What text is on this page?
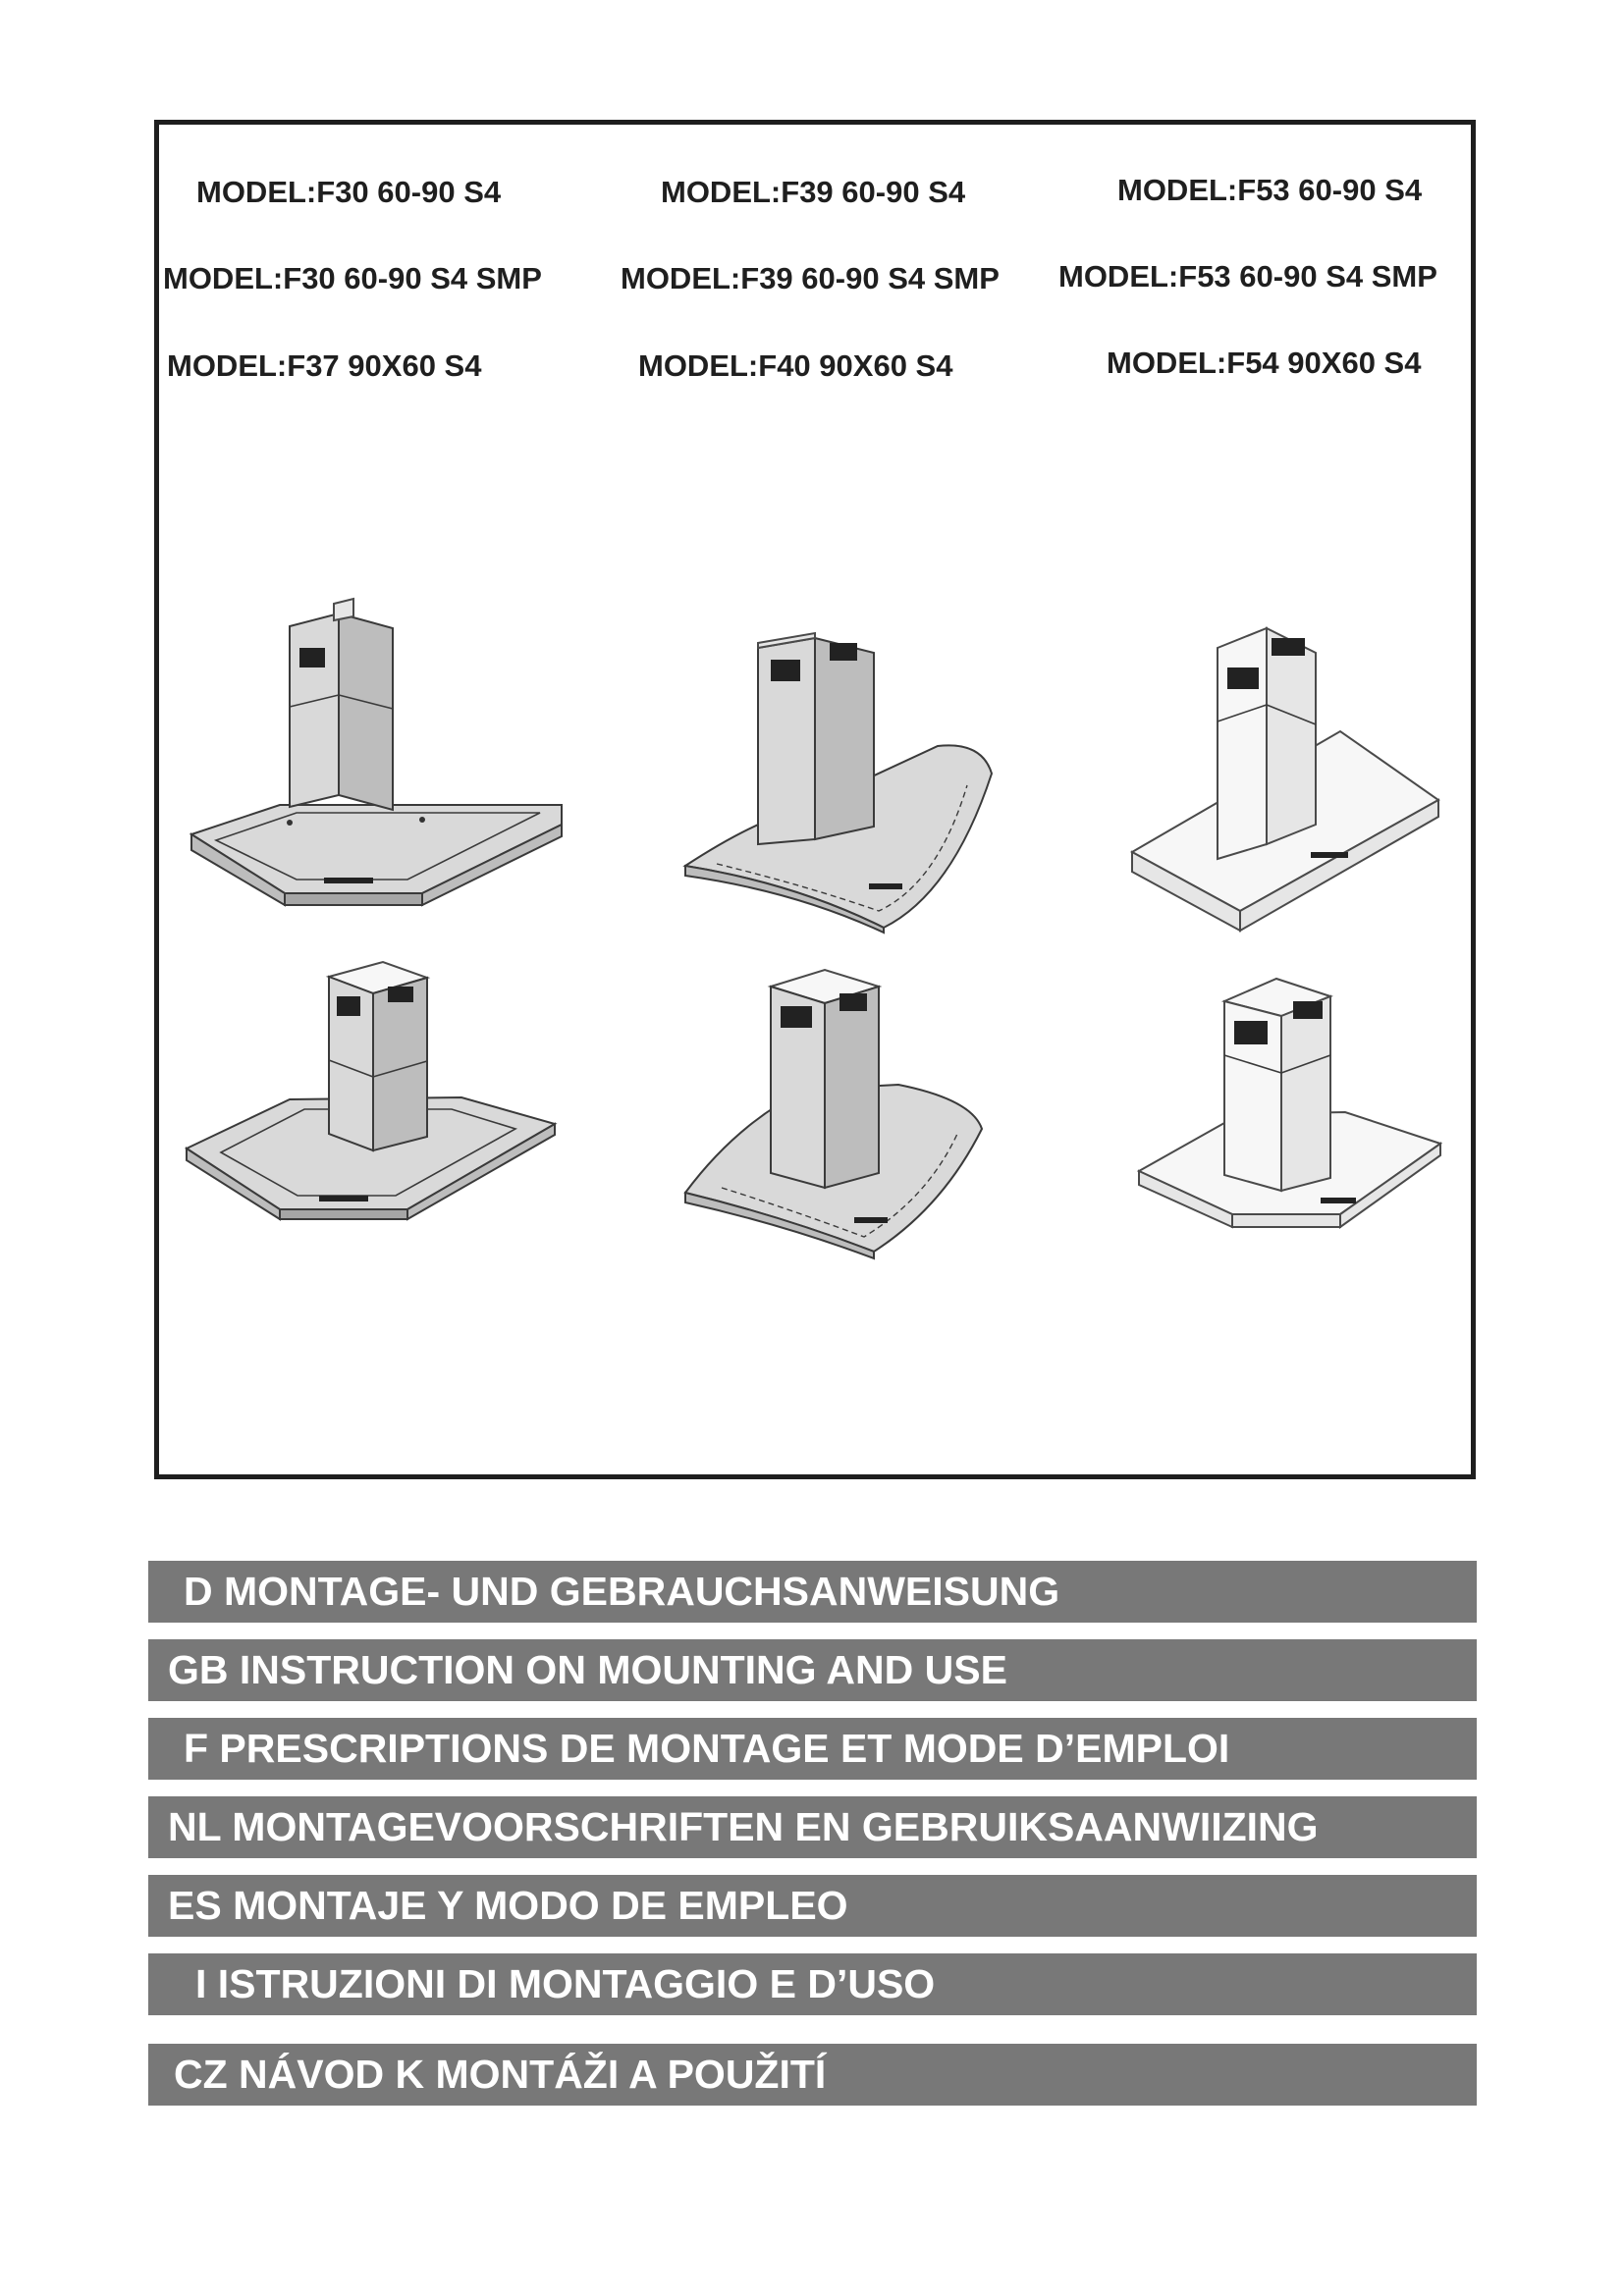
MODEL:F30 60-90 S4
MODEL:F30 60-90 S4 SMP
MODEL:F37 90X60 S4
MODEL:F39 60-90 S4
MODEL:F39 60-90 S4 SMP
MODEL:F40 90X60 S4
MODEL:F53 60-90 S4
MODEL:F53 60-90 S4 SMP
MODEL:F54 90X60 S4
D MONTAGE- UND GEBRAUCHSANWEISUNG
GB INSTRUCTION ON MOUNTING AND USE
F PRESCRIPTIONS DE MONTAGE ET MODE D’EMPLOI
NL MONTAGEVOORSCHRIFTEN EN GEBRUIKSAANWIIZING
ES MONTAJE Y MODO DE EMPLEO
I ISTRUZIONI DI MONTAGGIO E D’USO
CZ NÁVOD K MONTÁŽI A POUŽITÍ
